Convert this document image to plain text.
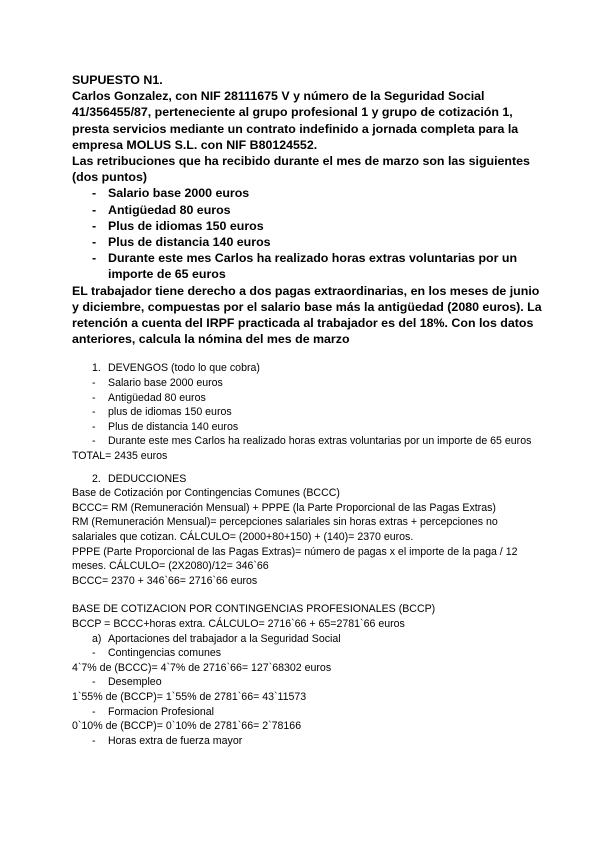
SUPUESTO N1.

Carlos Gonzalez, con NIF 28111675 V y número de la Seguridad Social 41/356455/87, perteneciente al grupo profesional 1 y grupo de cotización 1, presta servicios mediante un contrato indefinido a jornada completa para la empresa MOLUS S.L. con NIF B80124552.

Las retribuciones que ha recibido durante el mes de marzo son las siguientes (dos puntos)

- Salario base 2000 euros
- Antigüedad 80 euros
- Plus de idiomas 150 euros
- Plus de distancia 140 euros
- Durante este mes Carlos ha realizado horas extras voluntarias por un importe de 65 euros

EL trabajador tiene derecho a dos pagas extraordinarias, en los meses de junio y diciembre, compuestas por el salario base más la antigüedad (2080 euros). La retención a cuenta del IRPF practicada al trabajador es del 18%. Con los datos anteriores, calcula la nómina del mes de marzo

1. DEVENGOS (todo lo que cobra)
- Salario base 2000 euros
- Antigüedad 80 euros
- plus de idiomas 150 euros
- Plus de distancia 140 euros
- Durante este mes Carlos ha realizado horas extras voluntarias por un importe de 65 euros

TOTAL= 2435 euros

2. DEDUCCIONES

Base de Cotización por Contingencias Comunes (BCCC)

BCCC= RM (Remuneración Mensual) + PPPE (la Parte Proporcional de las Pagas Extras)

RM (Remuneración Mensual)= percepciones salariales sin horas extras + percepciones no salariales que cotizan. CÁLCULO= (2000+80+150) + (140)= 2370 euros.

PPPE (Parte Proporcional de las Pagas Extras)= número de pagas x el importe de la paga / 12 meses. CÁLCULO= (2X2080)/12= 346`66

BCCC= 2370 + 346`66= 2716`66 euros

BASE DE COTIZACION POR CONTINGENCIAS PROFESIONALES (BCCP)

BCCP = BCCC+horas extra. CÁLCULO= 2716`66 + 65=2781`66 euros

a) Aportaciones del trabajador a la Seguridad Social
- Contingencias comunes

4`7% de (BCCC)= 4`7% de 2716`66= 127`68302 euros

- Desempleo

1`55% de (BCCP)= 1`55% de 2781`66= 43`11573

- Formacion Profesional

0`10% de (BCCP)= 0`10% de 2781`66= 2`78166

- Horas extra de fuerza mayor
